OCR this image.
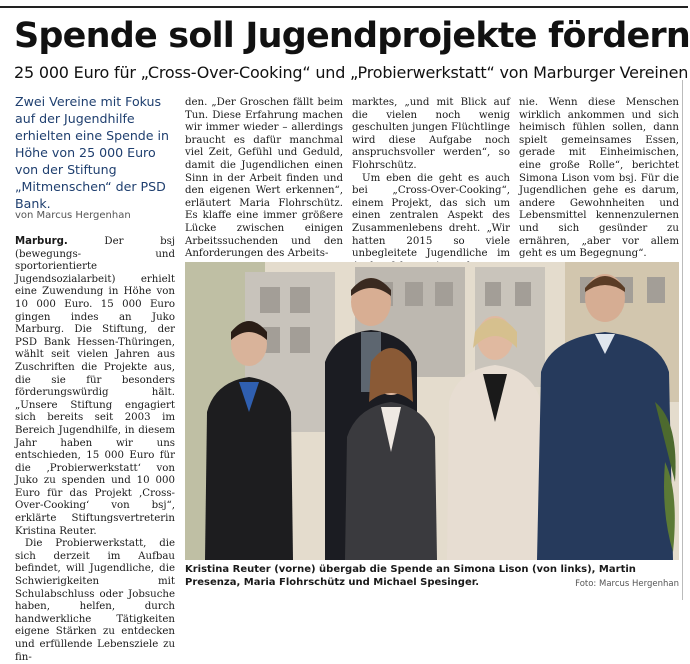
Spende soll Jugendprojekte fördern
25 000 Euro für „Cross-Over-Cooking“ und „Probierwerkstatt“ von Marburger Vereinen
Zwei Vereine mit Fokus auf der Jugendhilfe erhielten eine Spende in Höhe von 25 000 Euro von der Stiftung „Mitmenschen“ der PSD Bank.
von Marcus Hergenhan

Marburg.	Der bsj (bewegungs- und sportorientierte Jugendsozialarbeit) erhielt eine Zuwendung in Höhe von 10 000 Euro. 15 000 Euro gingen indes an Juko Marburg. Die Stiftung, der PSD Bank Hessen-Thüringen, wählt seit vielen Jahren aus Zuschriften die Projekte aus, die sie für besonders förderungswürdig hält. „Unsere Stiftung engagiert sich bereits seit 2003 im Bereich Jugendhilfe, in diesem Jahr haben wir uns entschieden, 15 000 Euro für die ‚Probierwerkstatt‘ von Juko zu spenden und 10 000 Euro für das Projekt ‚Cross-Over-Cooking‘ von bsj“, erklärte Stiftungsvertreterin Kristina Reuter.

Die Probierwerkstatt, die sich derzeit im Aufbau befindet, will Jugendliche, die Schwierigkeiten mit Schulabschluss oder Jobsuche haben, helfen, durch handwerkliche Tätigkeiten eigene Stärken zu entdecken und erfüllende Lebensziele zu fin-

den. „Der Groschen fällt beim Tun. Diese Erfahrung machen wir immer wieder – allerdings braucht es dafür manchmal viel Zeit, Gefühl und Geduld, damit die Jugendlichen einen Sinn in der Arbeit finden und den eigenen Wert erkennen“, erläutert Maria Flohrschütz. Es klaffe eine immer größere Lücke zwischen einigen Arbeitssuchenden und den Anforderungen des Arbeits-

marktes, „und mit Blick auf die vielen noch wenig geschulten jungen Flüchtlinge wird diese Aufgabe noch anspruchsvoller werden“, so Flohrschütz.

Um eben die geht es auch bei „Cross-Over-Cooking“, einem Projekt, das sich um einen zentralen Aspekt des Zusammenlebens dreht. „Wir hatten 2015 so viele unbegleitete Jugendliche im

nie. Wenn diese Menschen wirklich ankommen und sich heimisch fühlen sollen, dann spielt gemeinsames Essen, gerade mit Einheimischen, eine große Rolle“, berichtet Simona Lison vom bsj. Für die Jugendlichen gehe es darum, andere Gewohnheiten und Lebensmittel kennenzulernen und sich gesünder zu ernähren, „aber vor allem geht es um Begegnung“.

Kristina Reuter (vorne) übergab die Spende an Simona Lison (von links), Martin Presenza, Maria Flohrschütz und Michael Spesinger.	Foto: Marcus Hergenhan
